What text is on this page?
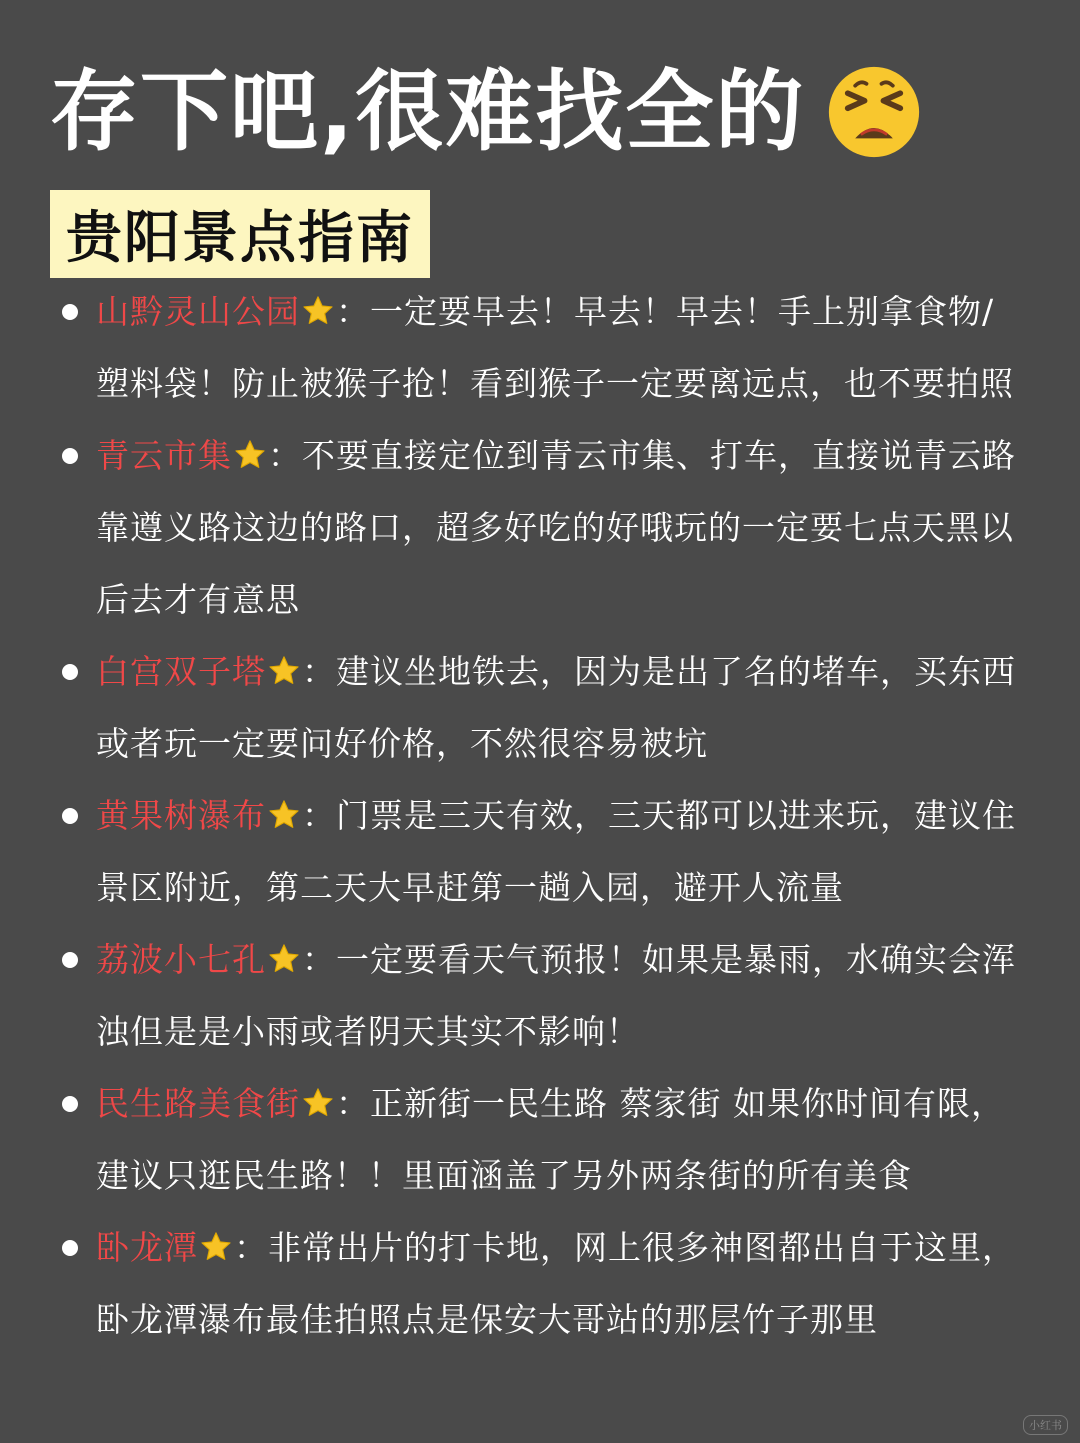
存下吧,很难找全的
贵阳景点指南
山黔灵山公园 ：一定要早去！早去！早去！手上别拿食物/塑料袋！防止被猴子抢！看到猴子一定要离远点，也不要拍照
青云市集 ：不要直接定位到青云市集、打车，直接说青云路靠遵义路这边的路口，超多好吃的好哦玩的一定要七点天黑以后去才有意思
白宫双子塔 ：建议坐地铁去，因为是出了名的堵车，买东西或者玩一定要问好价格，不然很容易被坑
黄果树瀑布 ：门票是三天有效，三天都可以进来玩，建议住景区附近，第二天大早赶第一趟入园，避开人流量
荔波小七孔 ：一定要看天气预报！如果是暴雨，水确实会浑浊但是是小雨或者阴天其实不影响！
民生路美食街 ：正新街一民生路 蔡家街 如果你时间有限，建议只逛民生路！！里面涵盖了另外两条街的所有美食
卧龙潭 ：非常出片的打卡地，网上很多神图都出自于这里，卧龙潭瀑布最佳拍照点是保安大哥站的那层竹子那里
小红书
